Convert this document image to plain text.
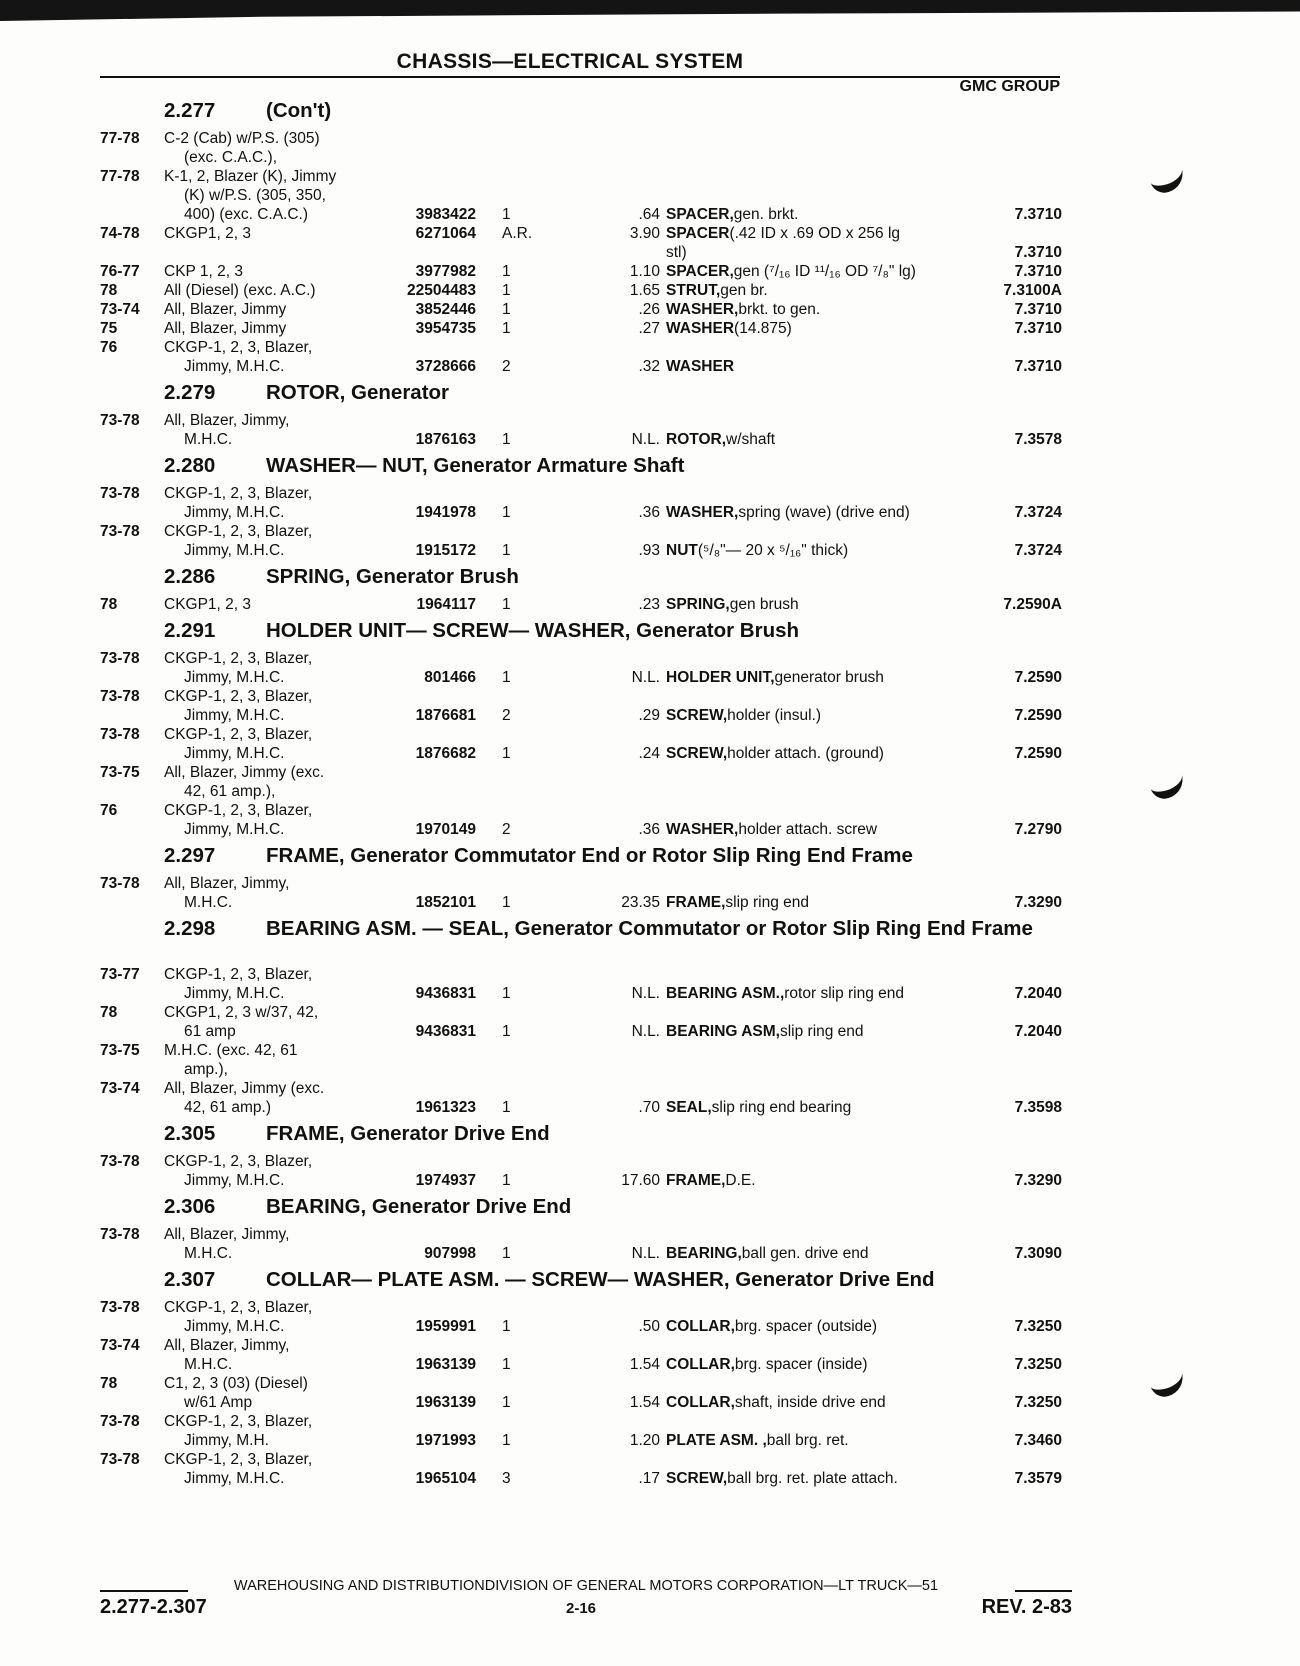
CHASSIS—ELECTRICAL SYSTEM
GMC GROUP
2.277 (Con't)
77-78 C-2 (Cab) w/P.S. (305)
(exc. C.A.C.),
77-78 K-1, 2, Blazer (K), Jimmy
(K) w/P.S. (305, 350,
400) (exc. C.A.C.)	3983422 1	.64 SPACER, gen. brkt.	7.3710
74-78 CKGP1, 2, 3	6271064 A.R.	3.90 SPACER (.42 ID x .69 OD x 256 lg
stl)	7.3710
76-77 CKP 1, 2, 3	3977982 1	1.10 SPACER, gen (⁷/₁₆ ID ¹¹/₁₆ OD ⁷/₈" lg)	7.3710
78	All (Diesel) (exc. A.C.)	22504483 1	1.65 STRUT, gen br.	7.3100A
73-74 All, Blazer, Jimmy	3852446 1	.26 WASHER, brkt. to gen.	7.3710
75	All, Blazer, Jimmy	3954735 1	.27 WASHER (14.875)	7.3710
76	CKGP-1, 2, 3, Blazer,
Jimmy, M.H.C.	3728666 2	.32 WASHER	7.3710
2.279 ROTOR, Generator
73-78 All, Blazer, Jimmy,
M.H.C.	1876163 1	N.L. ROTOR, w/shaft	7.3578
2.280 WASHER— NUT, Generator Armature Shaft
73-78 CKGP-1, 2, 3, Blazer,
Jimmy, M.H.C.	1941978 1	.36 WASHER, spring (wave) (drive end)	7.3724
73-78 CKGP-1, 2, 3, Blazer,
Jimmy, M.H.C.	1915172 1	.93 NUT (⁵/₈"— 20 x ⁵/₁₆" thick)	7.3724
2.286 SPRING, Generator Brush
78	CKGP1, 2, 3	1964117 1	.23 SPRING, gen brush	7.2590A
2.291 HOLDER UNIT— SCREW— WASHER, Generator Brush
73-78 CKGP-1, 2, 3, Blazer,
Jimmy, M.H.C.	801466 1	N.L. HOLDER UNIT, generator brush	7.2590
73-78 CKGP-1, 2, 3, Blazer,
Jimmy, M.H.C.	1876681 2	.29 SCREW, holder (insul.)	7.2590
73-78 CKGP-1, 2, 3, Blazer,
Jimmy, M.H.C.	1876682 1	.24 SCREW, holder attach. (ground)	7.2590
73-75 All, Blazer, Jimmy (exc.
42, 61 amp.),
76	CKGP-1, 2, 3, Blazer,
Jimmy, M.H.C.	1970149 2	.36 WASHER, holder attach. screw	7.2790
2.297 FRAME, Generator Commutator End or Rotor Slip Ring End Frame
73-78 All, Blazer, Jimmy,
M.H.C.	1852101 1	23.35 FRAME, slip ring end	7.3290
2.298 BEARING ASM. — SEAL, Generator Commutator or Rotor Slip Ring End Frame
73-77 CKGP-1, 2, 3, Blazer,
Jimmy, M.H.C.	9436831 1	N.L. BEARING ASM., rotor slip ring end	7.2040
78	CKGP1, 2, 3 w/37, 42,
61 amp	9436831 1	N.L. BEARING ASM, slip ring end	7.2040
73-75 M.H.C. (exc. 42, 61
amp.),
73-74 All, Blazer, Jimmy (exc.
42, 61 amp.)	1961323 1	.70 SEAL, slip ring end bearing	7.3598
2.305 FRAME, Generator Drive End
73-78 CKGP-1, 2, 3, Blazer,
Jimmy, M.H.C.	1974937 1	17.60 FRAME, D.E.	7.3290
2.306 BEARING, Generator Drive End
73-78 All, Blazer, Jimmy,
M.H.C.	907998 1	N.L. BEARING, ball gen. drive end	7.3090
2.307 COLLAR— PLATE ASM. — SCREW— WASHER, Generator Drive End
73-78 CKGP-1, 2, 3, Blazer,
Jimmy, M.H.C.	1959991 1	.50 COLLAR, brg. spacer (outside)	7.3250
73-74 All, Blazer, Jimmy,
M.H.C.	1963139 1	1.54 COLLAR, brg. spacer (inside)	7.3250
78	C1, 2, 3 (03) (Diesel)
w/61 Amp	1963139 1	1.54 COLLAR, shaft, inside drive end	7.3250
73-78 CKGP-1, 2, 3, Blazer,
Jimmy, M.H.	1971993 1	1.20 PLATE ASM. , ball brg. ret.	7.3460
73-78 CKGP-1, 2, 3, Blazer,
Jimmy, M.H.C.	1965104 3	.17 SCREW, ball brg. ret. plate attach.	7.3579
WAREHOUSING AND DISTRIBUTIONDIVISION OF GENERAL MOTORS CORPORATION—LT TRUCK—51
2.277-2.307	2-16	REV. 2-83
